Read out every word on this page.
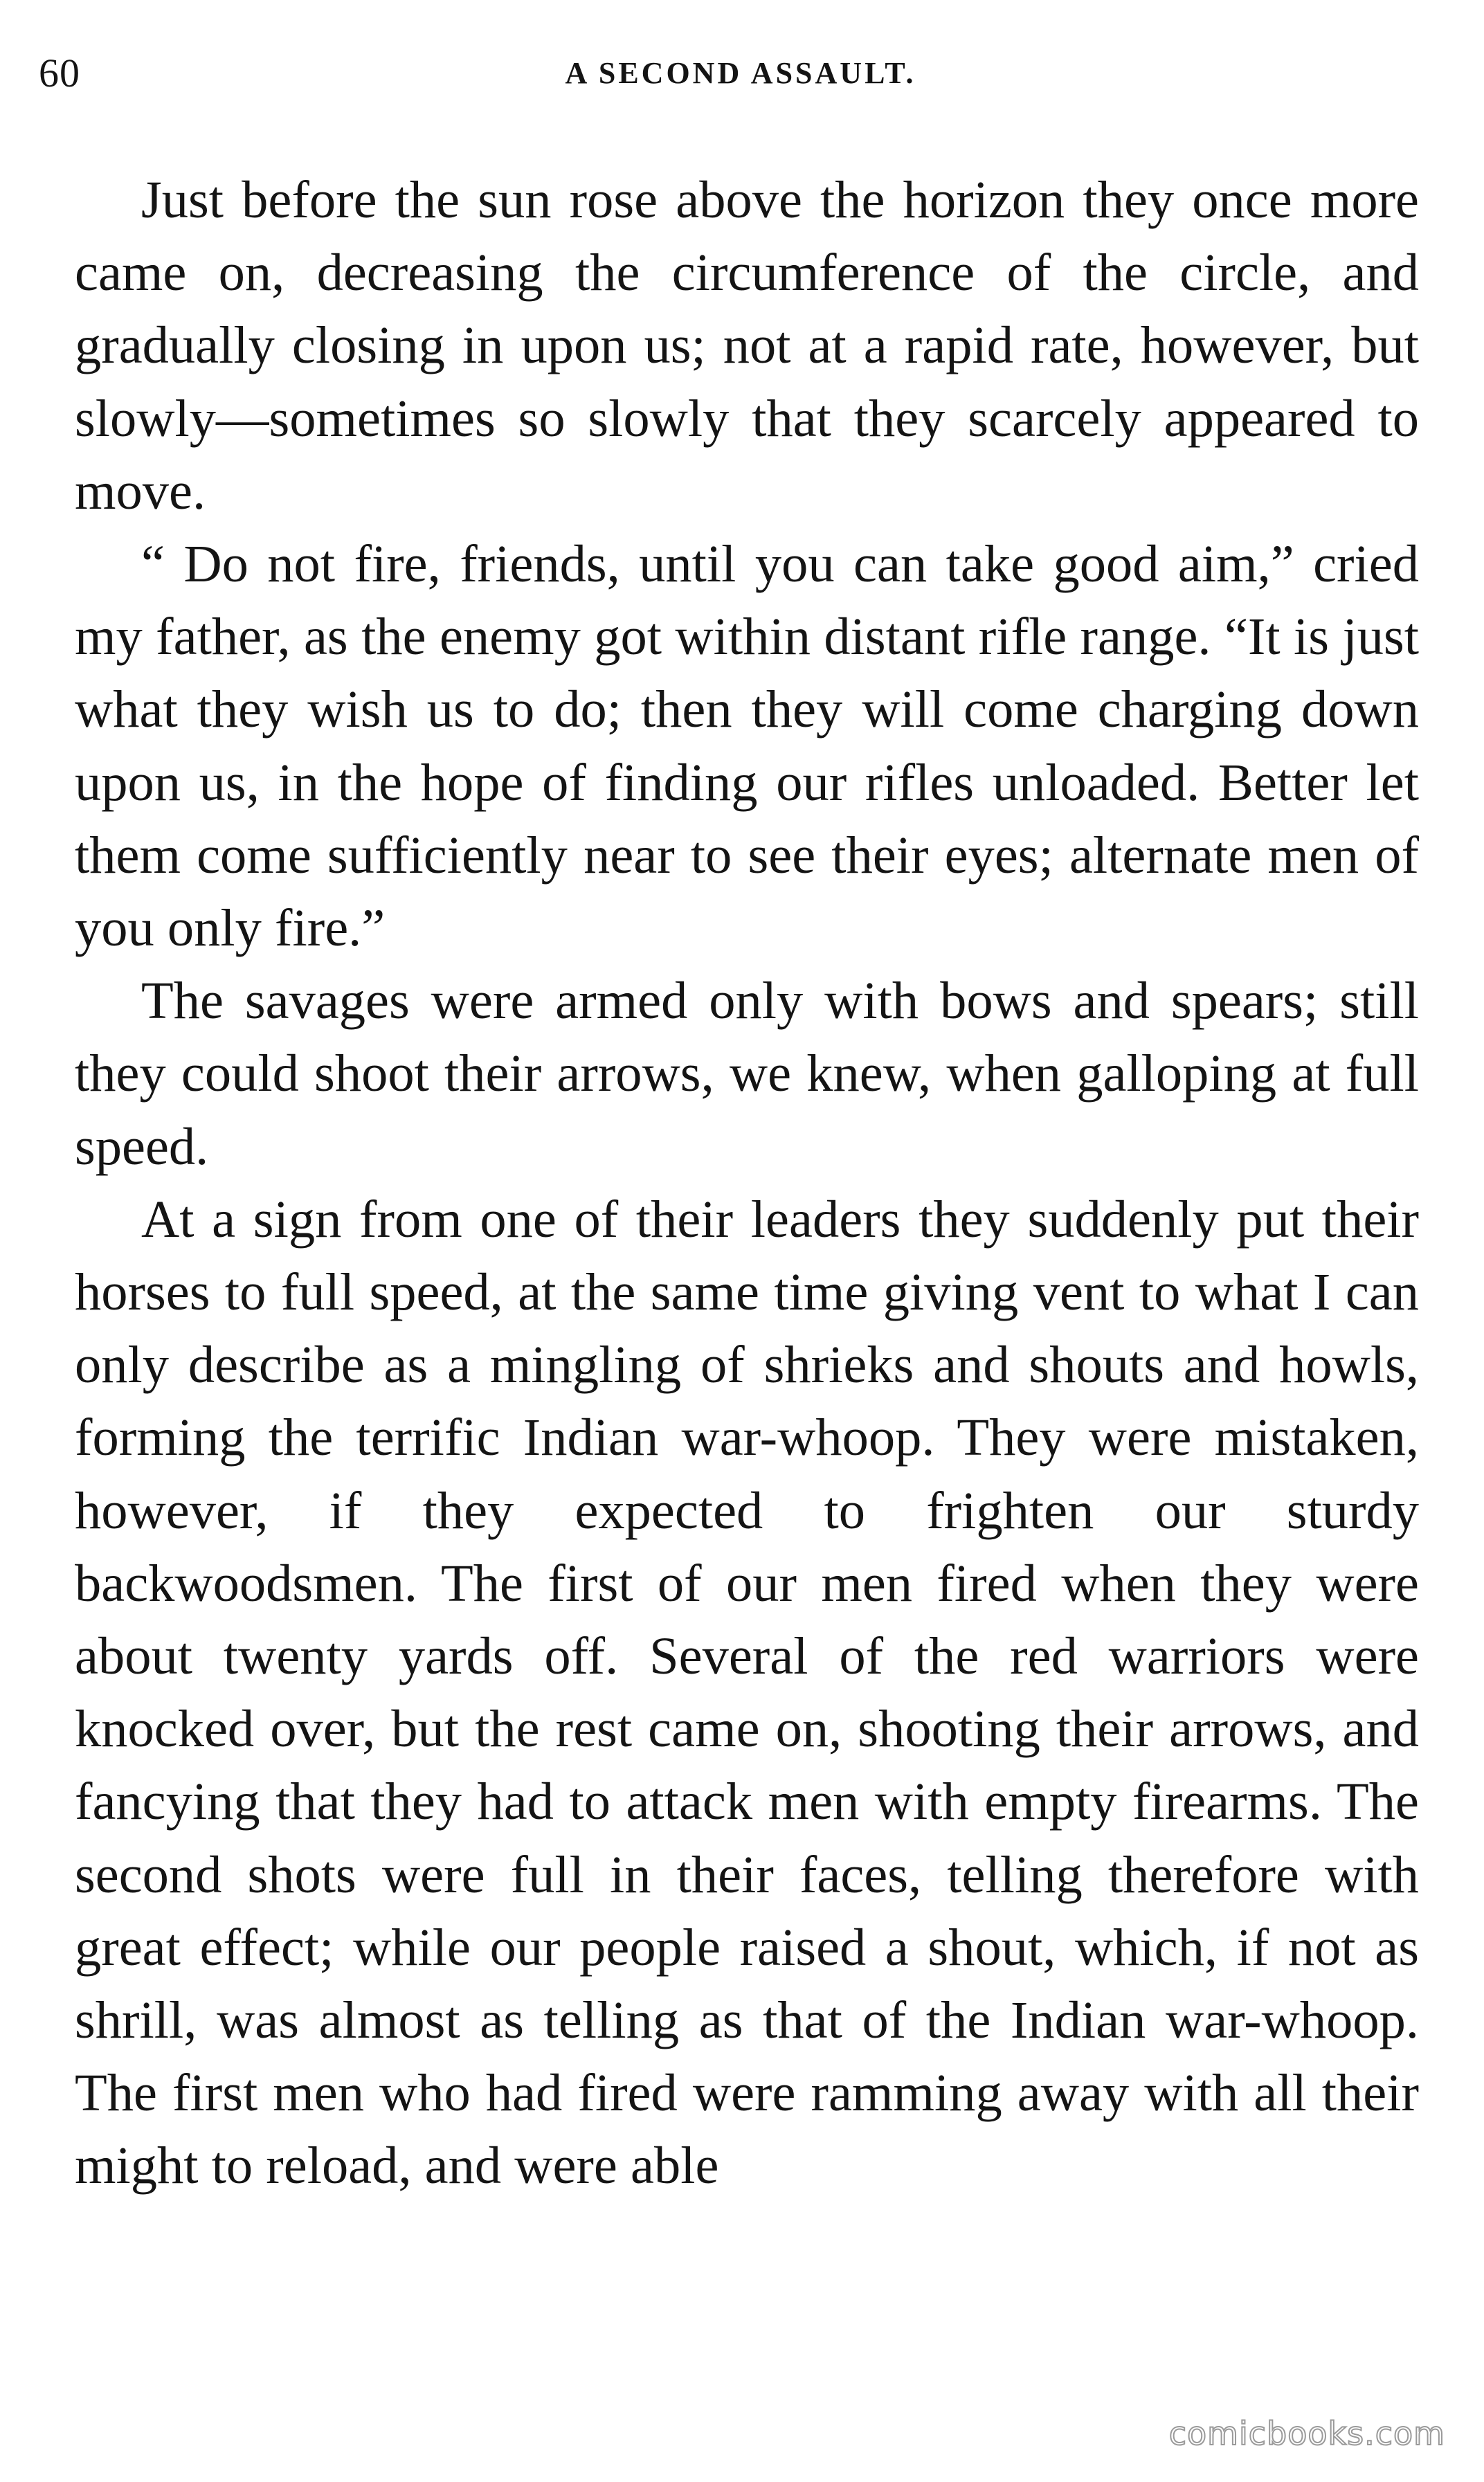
60	A SECOND ASSAULT.

Just before the sun rose above the horizon they once more came on, decreasing the circumference of the circle, and gradually closing in upon us; not at a rapid rate, however, but slowly—sometimes so slowly that they scarcely appeared to move.

“ Do not fire, friends, until you can take good aim,” cried my father, as the enemy got within distant rifle range. “It is just what they wish us to do; then they will come charging down upon us, in the hope of finding our rifles unloaded. Better let them come sufficiently near to see their eyes; alternate men of you only fire.”

The savages were armed only with bows and spears; still they could shoot their arrows, we knew, when galloping at full speed.

At a sign from one of their leaders they suddenly put their horses to full speed, at the same time giving vent to what I can only describe as a mingling of shrieks and shouts and howls, forming the terrific Indian war-whoop. They were mistaken, however, if they expected to frighten our sturdy backwoodsmen. The first of our men fired when they were about twenty yards off. Several of the red warriors were knocked over, but the rest came on, shooting their arrows, and fancying that they had to attack men with empty firearms. The second shots were full in their faces, telling therefore with great effect; while our people raised a shout, which, if not as shrill, was almost as telling as that of the Indian war-whoop. The first men who had fired were ramming away with all their might to reload, and were able

comicbooks.com
